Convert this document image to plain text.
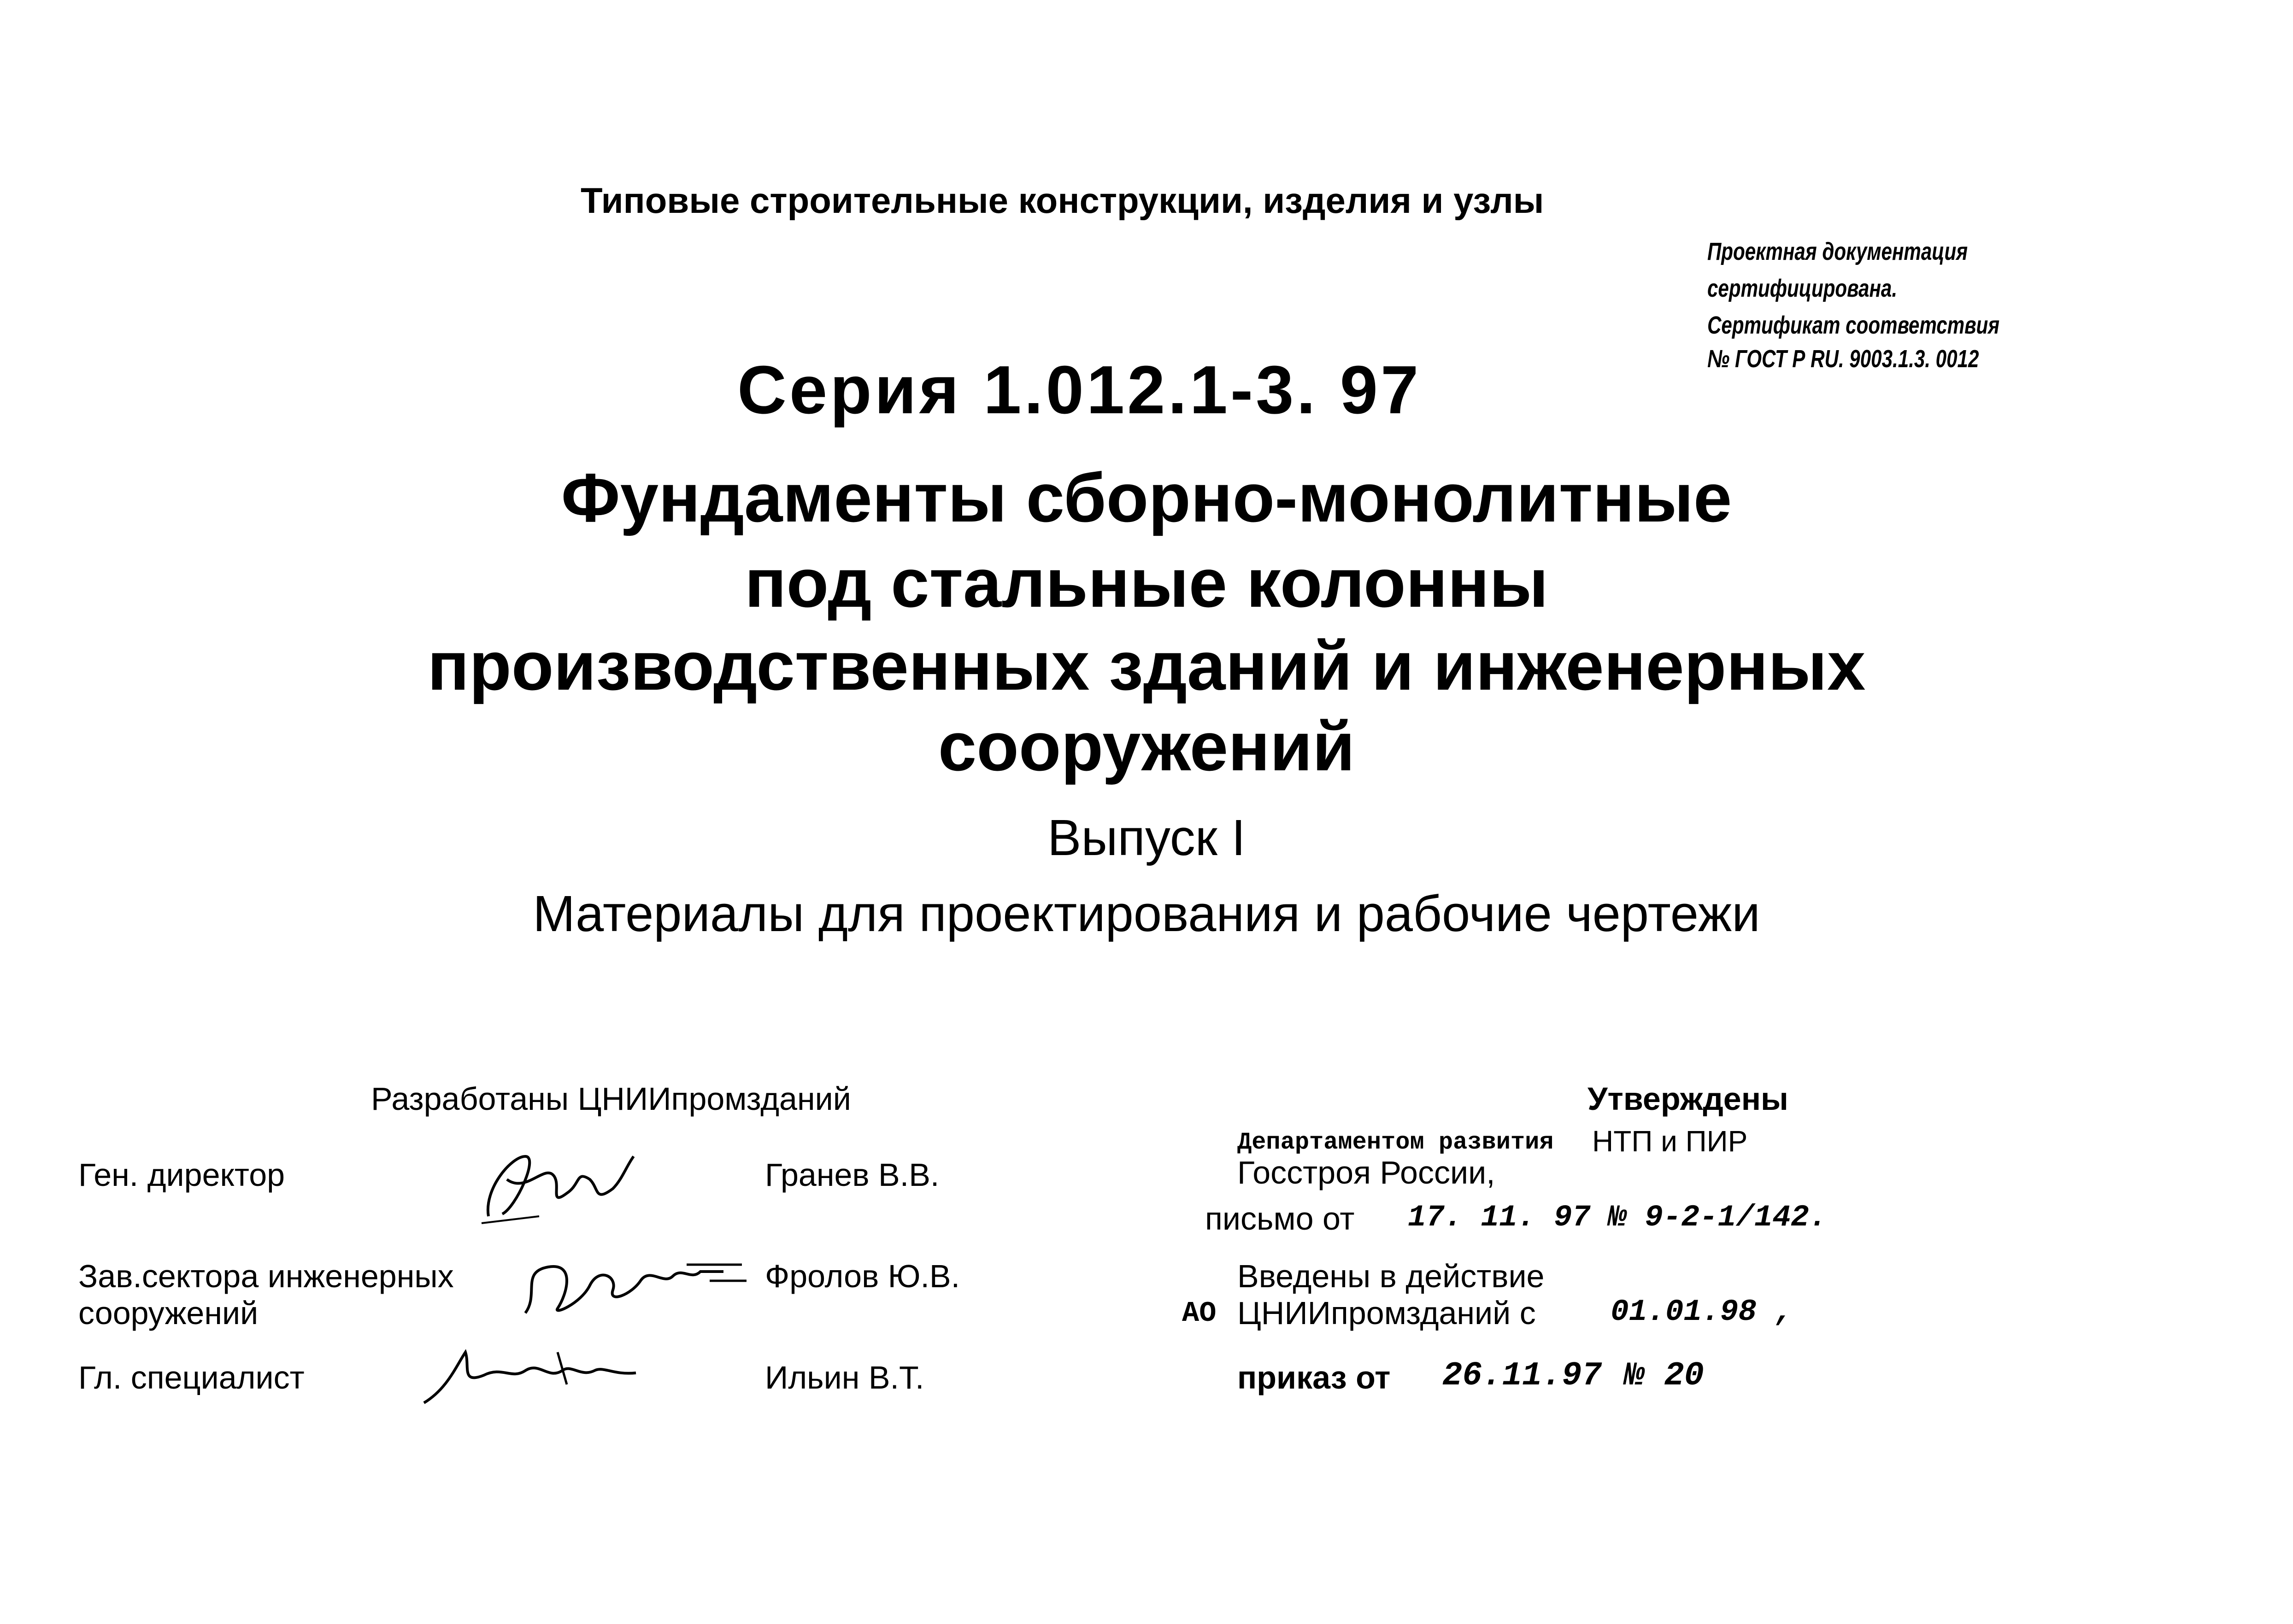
Типовые строительные конструкции, изделия и узлы
Проектная документация
сертифицирована.
Сертификат соответствия
№ ГОСТ Р RU. 9003.1.3. 0012
Серия 1.012.1-3. 97
Фундаменты сборно-монолитные
под стальные колонны
производственных зданий и инженерных
сооружений
Выпуск I
Материалы для проектирования и рабочие чертежи
Разработаны ЦНИИпромзданий
Ген. директор	Гранев В.В.
Зав.сектора инженерных
сооружений
Фролов Ю.В.
Гл. специалист	Ильин В.Т.
Утверждены
Департаментом развития НТП и ПИР
Госстроя России,
письмо от 17. 11. 97 № 9-2-1/142.
Введены в действие
АО ЦНИИпромзданий с 01.01.98 ,
приказ от 26.11.97 № 20
